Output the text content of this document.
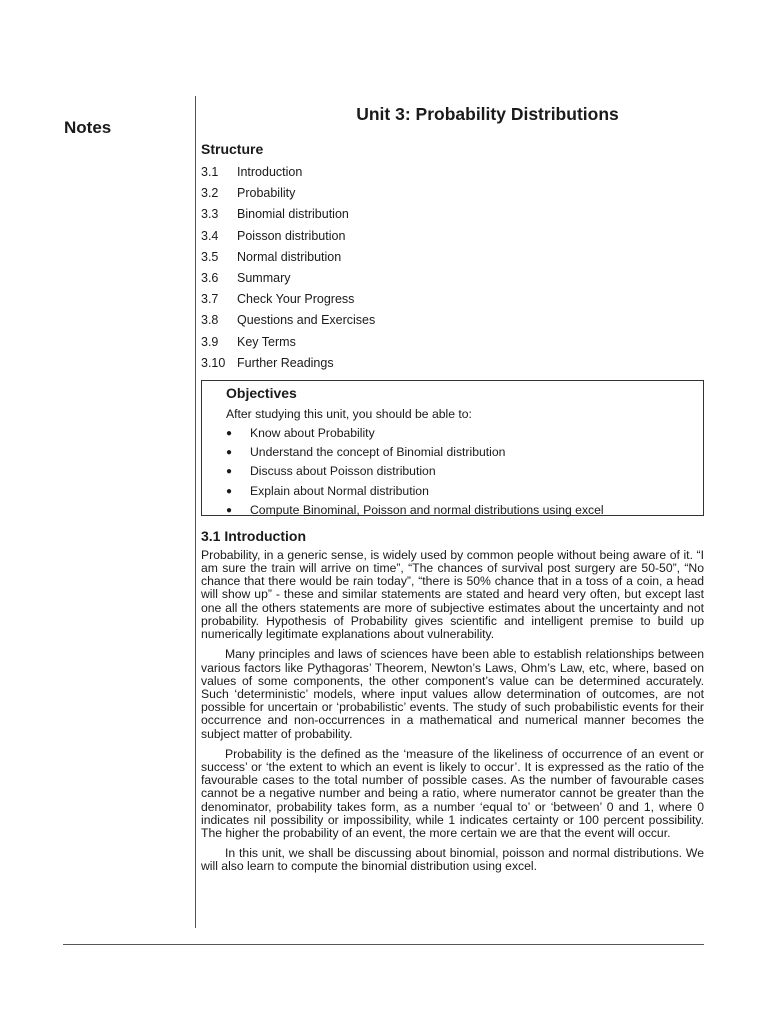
Notes
Unit 3: Probability Distributions
Structure
3.1	Introduction
3.2	Probability
3.3	Binomial distribution
3.4	Poisson distribution
3.5	Normal distribution
3.6	Summary
3.7	Check Your Progress
3.8	Questions and Exercises
3.9	Key Terms
3.10 Further Readings
Objectives
After studying this unit, you should be able to:
●	Know about Probability
●	Understand the concept of Binomial distribution
●	Discuss about Poisson distribution
●	Explain about Normal distribution
●	Compute Binominal, Poisson and normal distributions using excel
3.1 Introduction

Probability, in a generic sense, is widely used by common people without being aware of it. “I am sure the train will arrive on time”, “The chances of survival post surgery are 50-50”, “No chance that there would be rain today”, “there is 50% chance that in a toss of a coin, a head will show up” - these and similar statements are stated and heard very often, but except last one all the others statements are more of subjective estimates about the uncertainty and not probability. Hypothesis of Probability gives scientific and intelligent premise to build up numerically legitimate explanations about vulnerability.

Many principles and laws of sciences have been able to establish relationships between various factors like Pythagoras’ Theorem, Newton’s Laws, Ohm’s Law, etc, where, based on values of some components, the other component’s value can be determined accurately. Such ‘deterministic’ models, where input values allow determination of outcomes, are not possible for uncertain or ‘probabilistic’ events. The study of such probabilistic events for their occurrence and non-occurrences in a mathematical and numerical manner becomes the subject matter of probability.

Probability is the defined as the ‘measure of the likeliness of occurrence of an event or success’ or ‘the extent to which an event is likely to occur’. It is expressed as the ratio of the favourable cases to the total number of possible cases. As the number of favourable cases cannot be a negative number and being a ratio, where numerator cannot be greater than the denominator, probability takes form, as a number ‘equal to’ or ‘between’ 0 and 1, where 0 indicates nil possibility or impossibility, while 1 indicates certainty or 100 percent possibility. The higher the probability of an event, the more certain we are that the event will occur.

In this unit, we shall be discussing about binomial, poisson and normal distributions. We will also learn to compute the binomial distribution using excel.
